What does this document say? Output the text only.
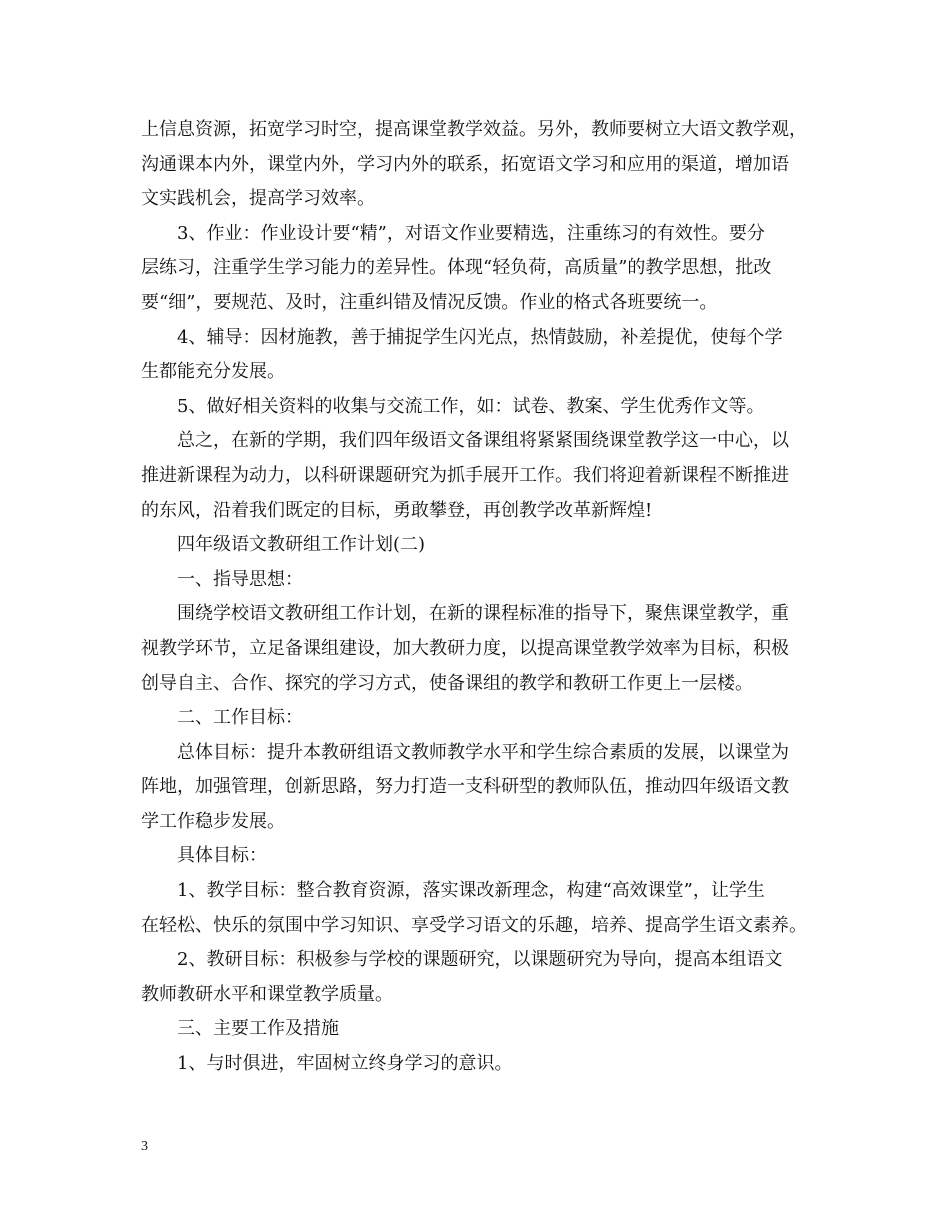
上信息资源，拓宽学习时空，提高课堂教学效益。另外，教师要树立大语文教学观，
沟通课本内外，课堂内外，学习内外的联系，拓宽语文学习和应用的渠道，增加语
文实践机会，提高学习效率。
3、作业：作业设计要“精”，对语文作业要精选，注重练习的有效性。要分
层练习，注重学生学习能力的差异性。体现“轻负荷，高质量”的教学思想，批改
要“细”，要规范、及时，注重纠错及情况反馈。作业的格式各班要统一。
4、辅导：因材施教，善于捕捉学生闪光点，热情鼓励，补差提优，使每个学
生都能充分发展。
5、做好相关资料的收集与交流工作，如：试卷、教案、学生优秀作文等。
总之，在新的学期，我们四年级语文备课组将紧紧围绕课堂教学这一中心，以
推进新课程为动力，以科研课题研究为抓手展开工作。我们将迎着新课程不断推进
的东风，沿着我们既定的目标，勇敢攀登，再创教学改革新辉煌!
四年级语文教研组工作计划(二)
一、指导思想：
围绕学校语文教研组工作计划，在新的课程标准的指导下，聚焦课堂教学，重
视教学环节，立足备课组建设，加大教研力度，以提高课堂教学效率为目标，积极
创导自主、合作、探究的学习方式，使备课组的教学和教研工作更上一层楼。
二、工作目标：
总体目标：提升本教研组语文教师教学水平和学生综合素质的发展，以课堂为
阵地，加强管理，创新思路，努力打造一支科研型的教师队伍，推动四年级语文教
学工作稳步发展。
具体目标：
1、教学目标：整合教育资源，落实课改新理念，构建“高效课堂”，让学生
在轻松、快乐的氛围中学习知识、享受学习语文的乐趣，培养、提高学生语文素养。
2、教研目标：积极参与学校的课题研究，以课题研究为导向，提高本组语文
教师教研水平和课堂教学质量。
三、主要工作及措施
1、与时俱进，牢固树立终身学习的意识。
3
